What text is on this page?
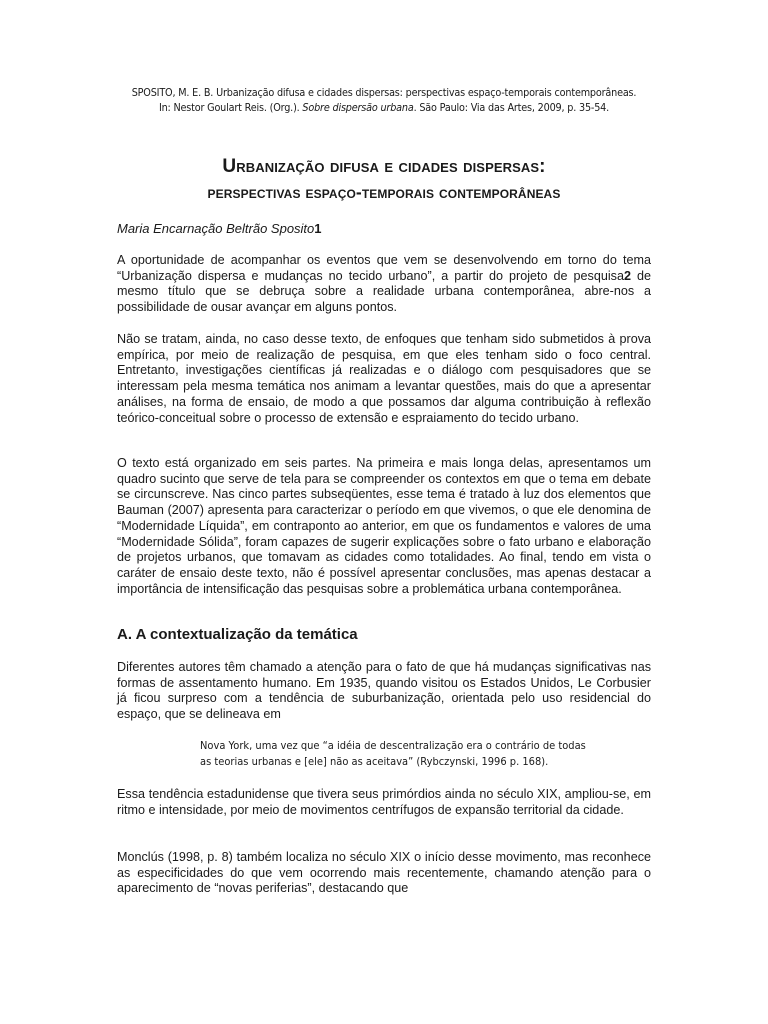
SPOSITO, M. E. B. Urbanização difusa e cidades dispersas: perspectivas espaço-temporais contemporâneas.
In: Nestor Goulart Reis. (Org.). Sobre dispersão urbana. São Paulo: Via das Artes, 2009, p. 35-54.
Urbanização difusa e cidades dispersas:
perspectivas espaço-temporais contemporâneas
Maria Encarnação Beltrão Sposito1

A oportunidade de acompanhar os eventos que vem se desenvolvendo em torno do tema “Urbanização dispersa e mudanças no tecido urbano”, a partir do projeto de pesquisa2 de mesmo título que se debruça sobre a realidade urbana contemporânea, abre-nos a possibilidade de ousar avançar em alguns pontos.

Não se tratam, ainda, no caso desse texto, de enfoques que tenham sido submetidos à prova empírica, por meio de realização de pesquisa, em que eles tenham sido o foco central. Entretanto, investigações científicas já realizadas e o diálogo com pesquisadores que se interessam pela mesma temática nos animam a levantar questões, mais do que a apresentar análises, na forma de ensaio, de modo a que possamos dar alguma contribuição à reflexão teórico-conceitual sobre o processo de extensão e espraiamento do tecido urbano.

O texto está organizado em seis partes. Na primeira e mais longa delas, apresentamos um quadro sucinto que serve de tela para se compreender os contextos em que o tema em debate se circunscreve. Nas cinco partes subseqüentes, esse tema é tratado à luz dos elementos que Bauman (2007) apresenta para caracterizar o período em que vivemos, o que ele denomina de “Modernidade Líquida”, em contraponto ao anterior, em que os fundamentos e valores de uma “Modernidade Sólida”, foram capazes de sugerir explicações sobre o fato urbano e elaboração de projetos urbanos, que tomavam as cidades como totalidades. Ao final, tendo em vista o caráter de ensaio deste texto, não é possível apresentar conclusões, mas apenas destacar a importância de intensificação das pesquisas sobre a problemática urbana contemporânea.

A. A contextualização da temática

Diferentes autores têm chamado a atenção para o fato de que há mudanças significativas nas formas de assentamento humano. Em 1935, quando visitou os Estados Unidos, Le Corbusier já ficou surpreso com a tendência de suburbanização, orientada pelo uso residencial do espaço, que se delineava em

Nova York, uma vez que “a idéia de descentralização era o contrário de todas as teorias urbanas e [ele] não as aceitava” (Rybczynski, 1996 p. 168).

Essa tendência estadunidense que tivera seus primórdios ainda no século XIX, ampliou-se, em ritmo e intensidade, por meio de movimentos centrífugos de expansão territorial da cidade.

Monclús (1998, p. 8) também localiza no século XIX o início desse movimento, mas reconhece as especificidades do que vem ocorrendo mais recentemente, chamando atenção para o aparecimento de “novas periferias”, destacando que
